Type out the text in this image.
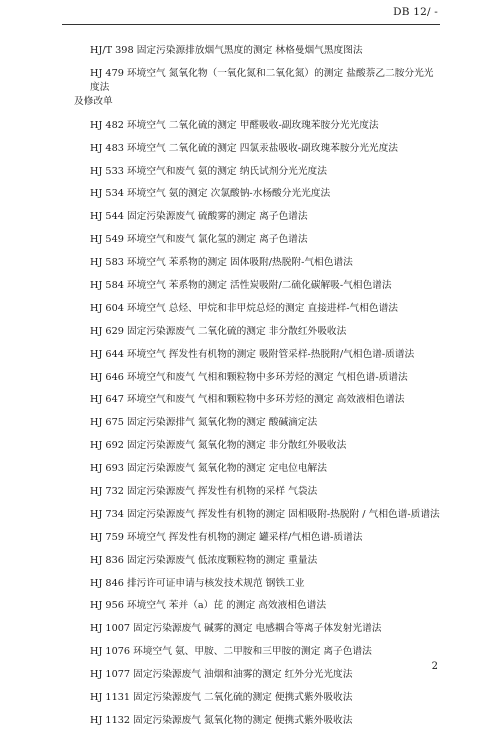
DB 12/ -
HJ/T 398 固定污染源排放烟气黑度的测定 林格曼烟气黑度图法
HJ 479 环境空气 氮氧化物（一氧化氮和二氧化氮）的测定 盐酸萘乙二胺分光光度法
及修改单
HJ 482 环境空气 二氧化硫的测定 甲醛吸收-副玫瑰苯胺分光光度法
HJ 483 环境空气 二氧化硫的测定 四氯汞盐吸收-副玫瑰苯胺分光光度法
HJ 533 环境空气和废气 氨的测定 纳氏试剂分光光度法
HJ 534 环境空气 氨的测定 次氯酸钠-水杨酸分光光度法
HJ 544 固定污染源废气 硫酸雾的测定 离子色谱法
HJ 549 环境空气和废气 氯化氢的测定 离子色谱法
HJ 583 环境空气 苯系物的测定 固体吸附/热脱附-气相色谱法
HJ 584 环境空气 苯系物的测定 活性炭吸附/二硫化碳解吸-气相色谱法
HJ 604 环境空气 总烃、甲烷和非甲烷总烃的测定 直接进样-气相色谱法
HJ 629 固定污染源废气 二氧化硫的测定 非分散红外吸收法
HJ 644 环境空气 挥发性有机物的测定 吸附管采样-热脱附/气相色谱-质谱法
HJ 646 环境空气和废气 气相和颗粒物中多环芳烃的测定 气相色谱-质谱法
HJ 647 环境空气和废气 气相和颗粒物中多环芳烃的测定 高效液相色谱法
HJ 675 固定污染源排气 氮氧化物的测定 酸碱滴定法
HJ 692 固定污染源废气 氮氧化物的测定 非分散红外吸收法
HJ 693 固定污染源废气 氮氧化物的测定 定电位电解法
HJ 732 固定污染源废气 挥发性有机物的采样 气袋法
HJ 734 固定污染源废气 挥发性有机物的测定 固相吸附-热脱附 / 气相色谱-质谱法
HJ 759 环境空气 挥发性有机物的测定 罐采样/气相色谱-质谱法
HJ 836 固定污染源废气 低浓度颗粒物的测定 重量法
HJ 846 排污许可证申请与核发技术规范 钢铁工业
HJ 956 环境空气 苯并（a）芘 的测定 高效液相色谱法
HJ 1007 固定污染源废气 碱雾的测定 电感耦合等离子体发射光谱法
HJ 1076 环境空气 氨、甲胺、二甲胺和三甲胺的测定 离子色谱法
HJ 1077 固定污染源废气 油烟和油雾的测定 红外分光光度法
HJ 1131 固定污染源废气 二氧化硫的测定 便携式紫外吸收法
HJ 1132 固定污染源废气 氮氧化物的测定 便携式紫外吸收法
2
